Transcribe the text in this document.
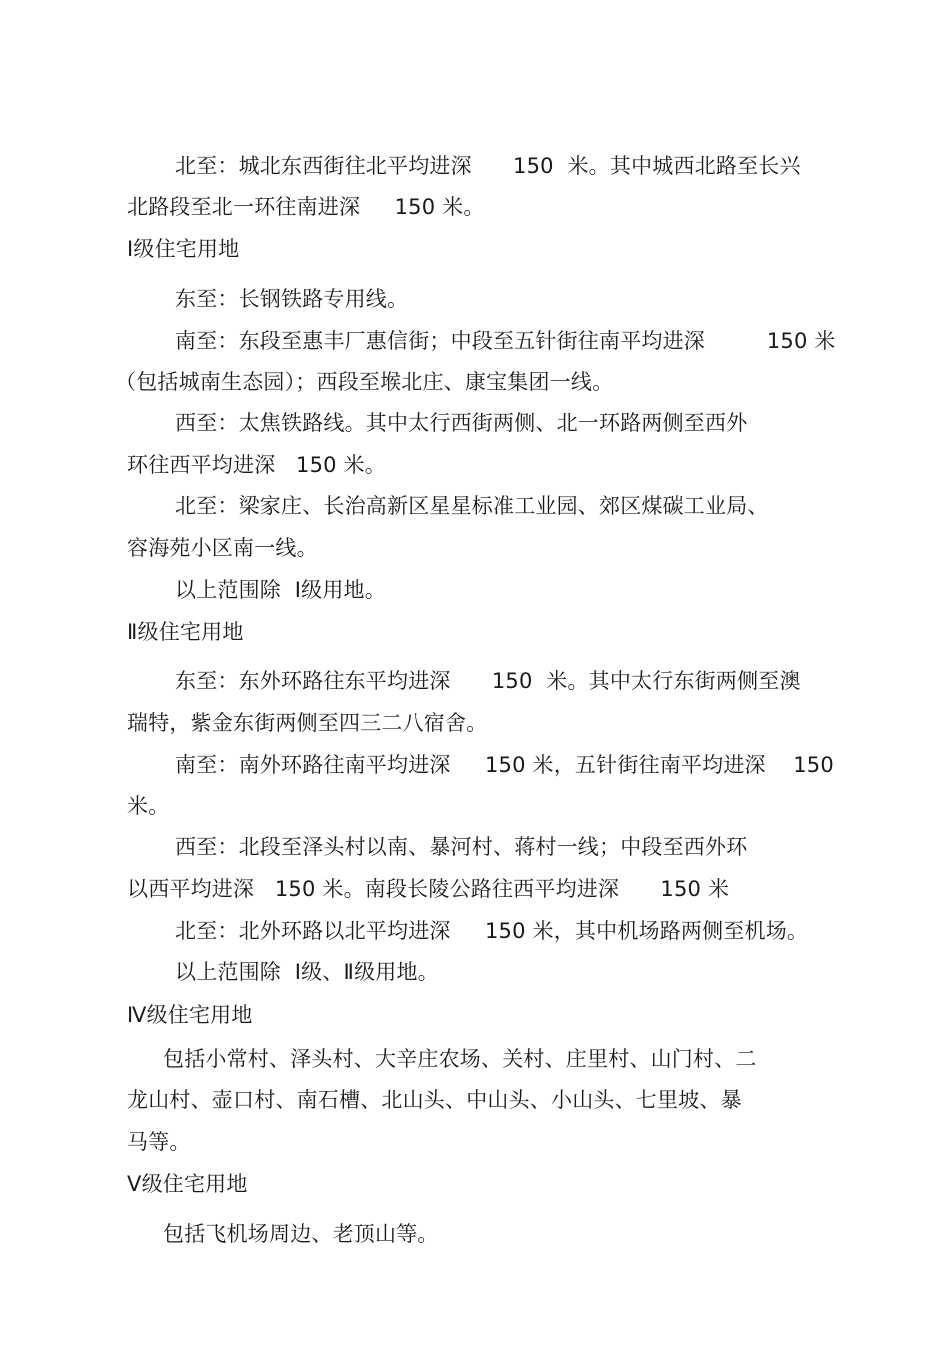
北至：城北东西街往北平均进深      150  米。其中城西北路至长兴
北路段至北一环往南进深     150 米。
Ⅰ级住宅用地
东至：长钢铁路专用线。
南至：东段至惠丰厂惠信街；中段至五针街往南平均进深         150 米
（包括城南生态园）；西段至堠北庄、康宝集团一线。
西至：太焦铁路线。其中太行西街两侧、北一环路两侧至西外
环往西平均进深   150 米。
北至：梁家庄、长治高新区星星标准工业园、郊区煤碳工业局、
容海苑小区南一线。
以上范围除  Ⅰ级用地。
Ⅱ级住宅用地
东至：东外环路往东平均进深      150  米。其中太行东街两侧至澳
瑞特，紫金东街两侧至四三二八宿舍。
南至：南外环路往南平均进深     150 米，五针街往南平均进深    150
米。
西至：北段至泽头村以南、暴河村、蒋村一线；中段至西外环
以西平均进深   150 米。南段长陵公路往西平均进深      150 米
北至：北外环路以北平均进深     150 米，其中机场路两侧至机场。
以上范围除  Ⅰ级、Ⅱ级用地。
Ⅳ级住宅用地
包括小常村、泽头村、大辛庄农场、关村、庄里村、山门村、二
龙山村、壶口村、南石槽、北山头、中山头、小山头、七里坡、暴
马等。
Ⅴ级住宅用地
包括飞机场周边、老顶山等。
